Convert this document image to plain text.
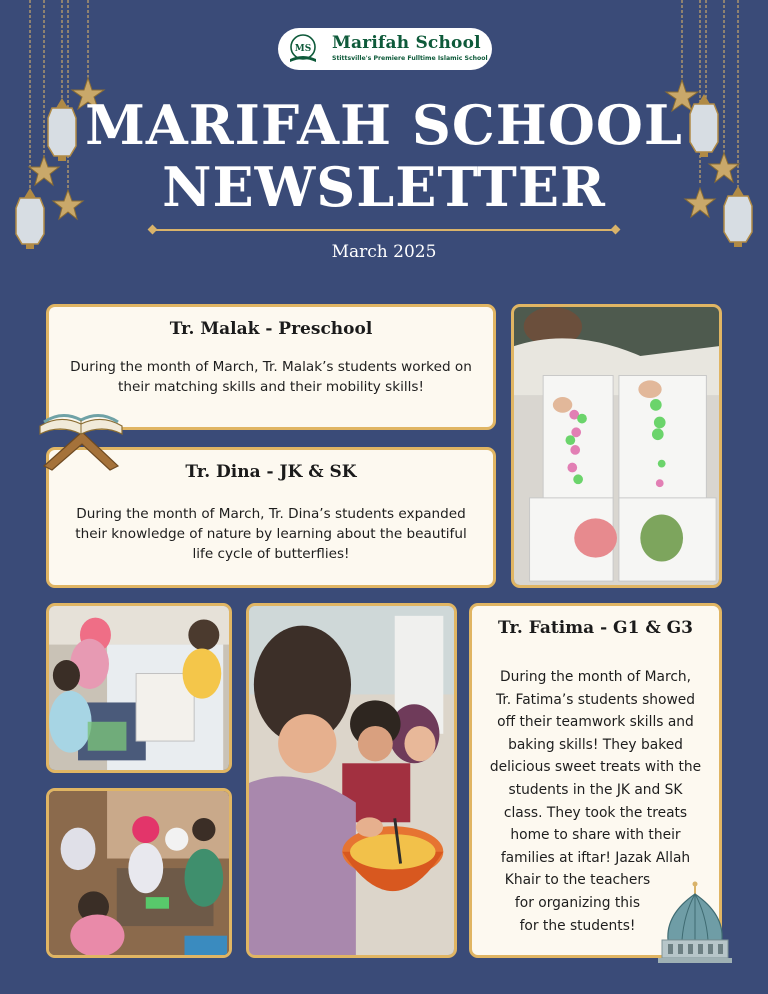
MS Marifah School
Stittsville's Premiere Fulltime Islamic School
MARIFAH SCHOOL
NEWSLETTER
March 2025
Tr. Malak - Preschool
During the month of March, Tr. Malak’s students worked on their matching skills and their mobility skills!
Tr. Dina - JK & SK
During the month of March, Tr. Dina’s students expanded their knowledge of nature by learning about the beautiful life cycle of butterflies!
Tr. Fatima - G1 & G3
During the month of March,
Tr. Fatima’s students showed
off their teamwork skills and
baking skills! They baked
delicious sweet treats with the
students in the JK and SK
class. They took the treats
home to share with their
families at iftar! Jazak Allah
Khair to the teachers
for organizing this
for the students!
